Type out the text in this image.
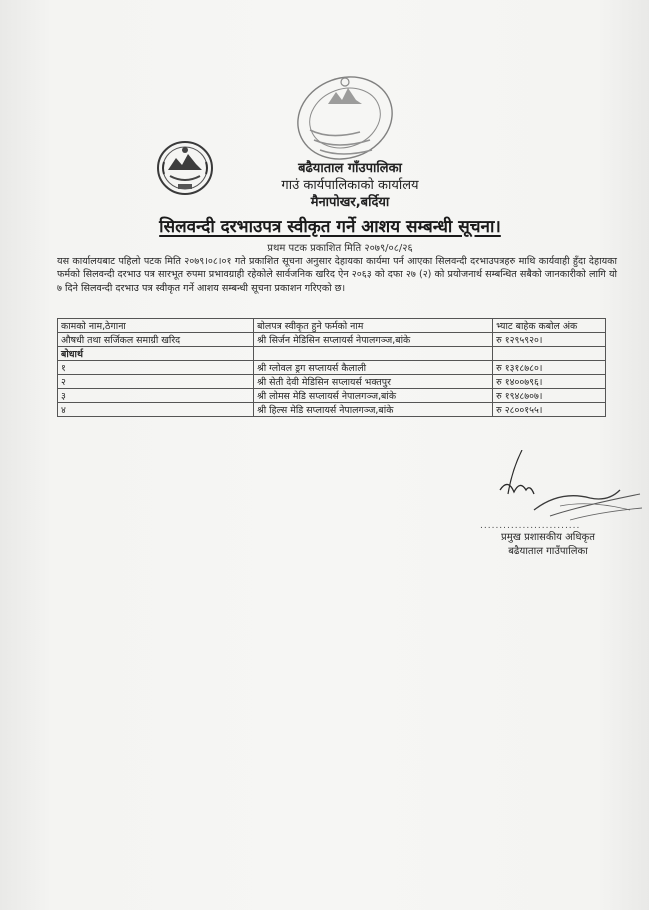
बढैयाताल गाँउपालिका
गाउं कार्यपालिकाको कार्यालय
मैनापोखर,बर्दिया
सिलवन्दी दरभाउपत्र स्वीकृत गर्ने आशय सम्बन्धी सूचना।
प्रथम पटक प्रकाशित मिति २०७९/०८/२६
यस कार्यालयबाट पहिलो पटक मिति २०७९।०८।०१ गते प्रकाशित सूचना अनुसार देहायका कार्यमा पर्न आएका सिलवन्दी दरभाउपत्रहरु माथि कार्यवाही हुँदा देहायका फर्मको सिलवन्दी दरभाउ पत्र सारभूत रुपमा प्रभावग्राही रहेकोले सार्वजनिक खरिद ऐन २०६३ को दफा २७ (२) को प्रयोजनार्थ सम्बन्धित सबैको जानकारीको लागि यो ७ दिने सिलवन्दी दरभाउ पत्र स्वीकृत गर्ने आशय सम्बन्धी सूचना प्रकाशन गरिएको छ।
कामको नाम,ठेगाना	बोलपत्र स्वीकृत हुने फर्मको नाम	भ्याट बाहेक कबोल अंक
औषधी तथा सर्जिकल समाग्री खरिद	श्री सिर्जन मेडिसिन सप्लायर्स नेपालगञ्ज,बांके	रु १२९५९२०।
बोधार्थ		
१	श्री ग्लोवल ड्रग सप्लायर्स कैलाली	रु १३१८७८०।
२	श्री सेती देवी मेडिसिन सप्लायर्स भक्तपुर	रु १४००७९६।
३	श्री लोमस मेडि सप्लायर्स नेपालगञ्ज,बांके	रु १९४८७०७।
४	श्री हिल्स मेडि सप्लायर्स नेपालगञ्ज,बांके	रु २८००१५५।
..........................
प्रमुख प्रशासकीय अधिकृत
बढैयाताल गाउँपालिका
